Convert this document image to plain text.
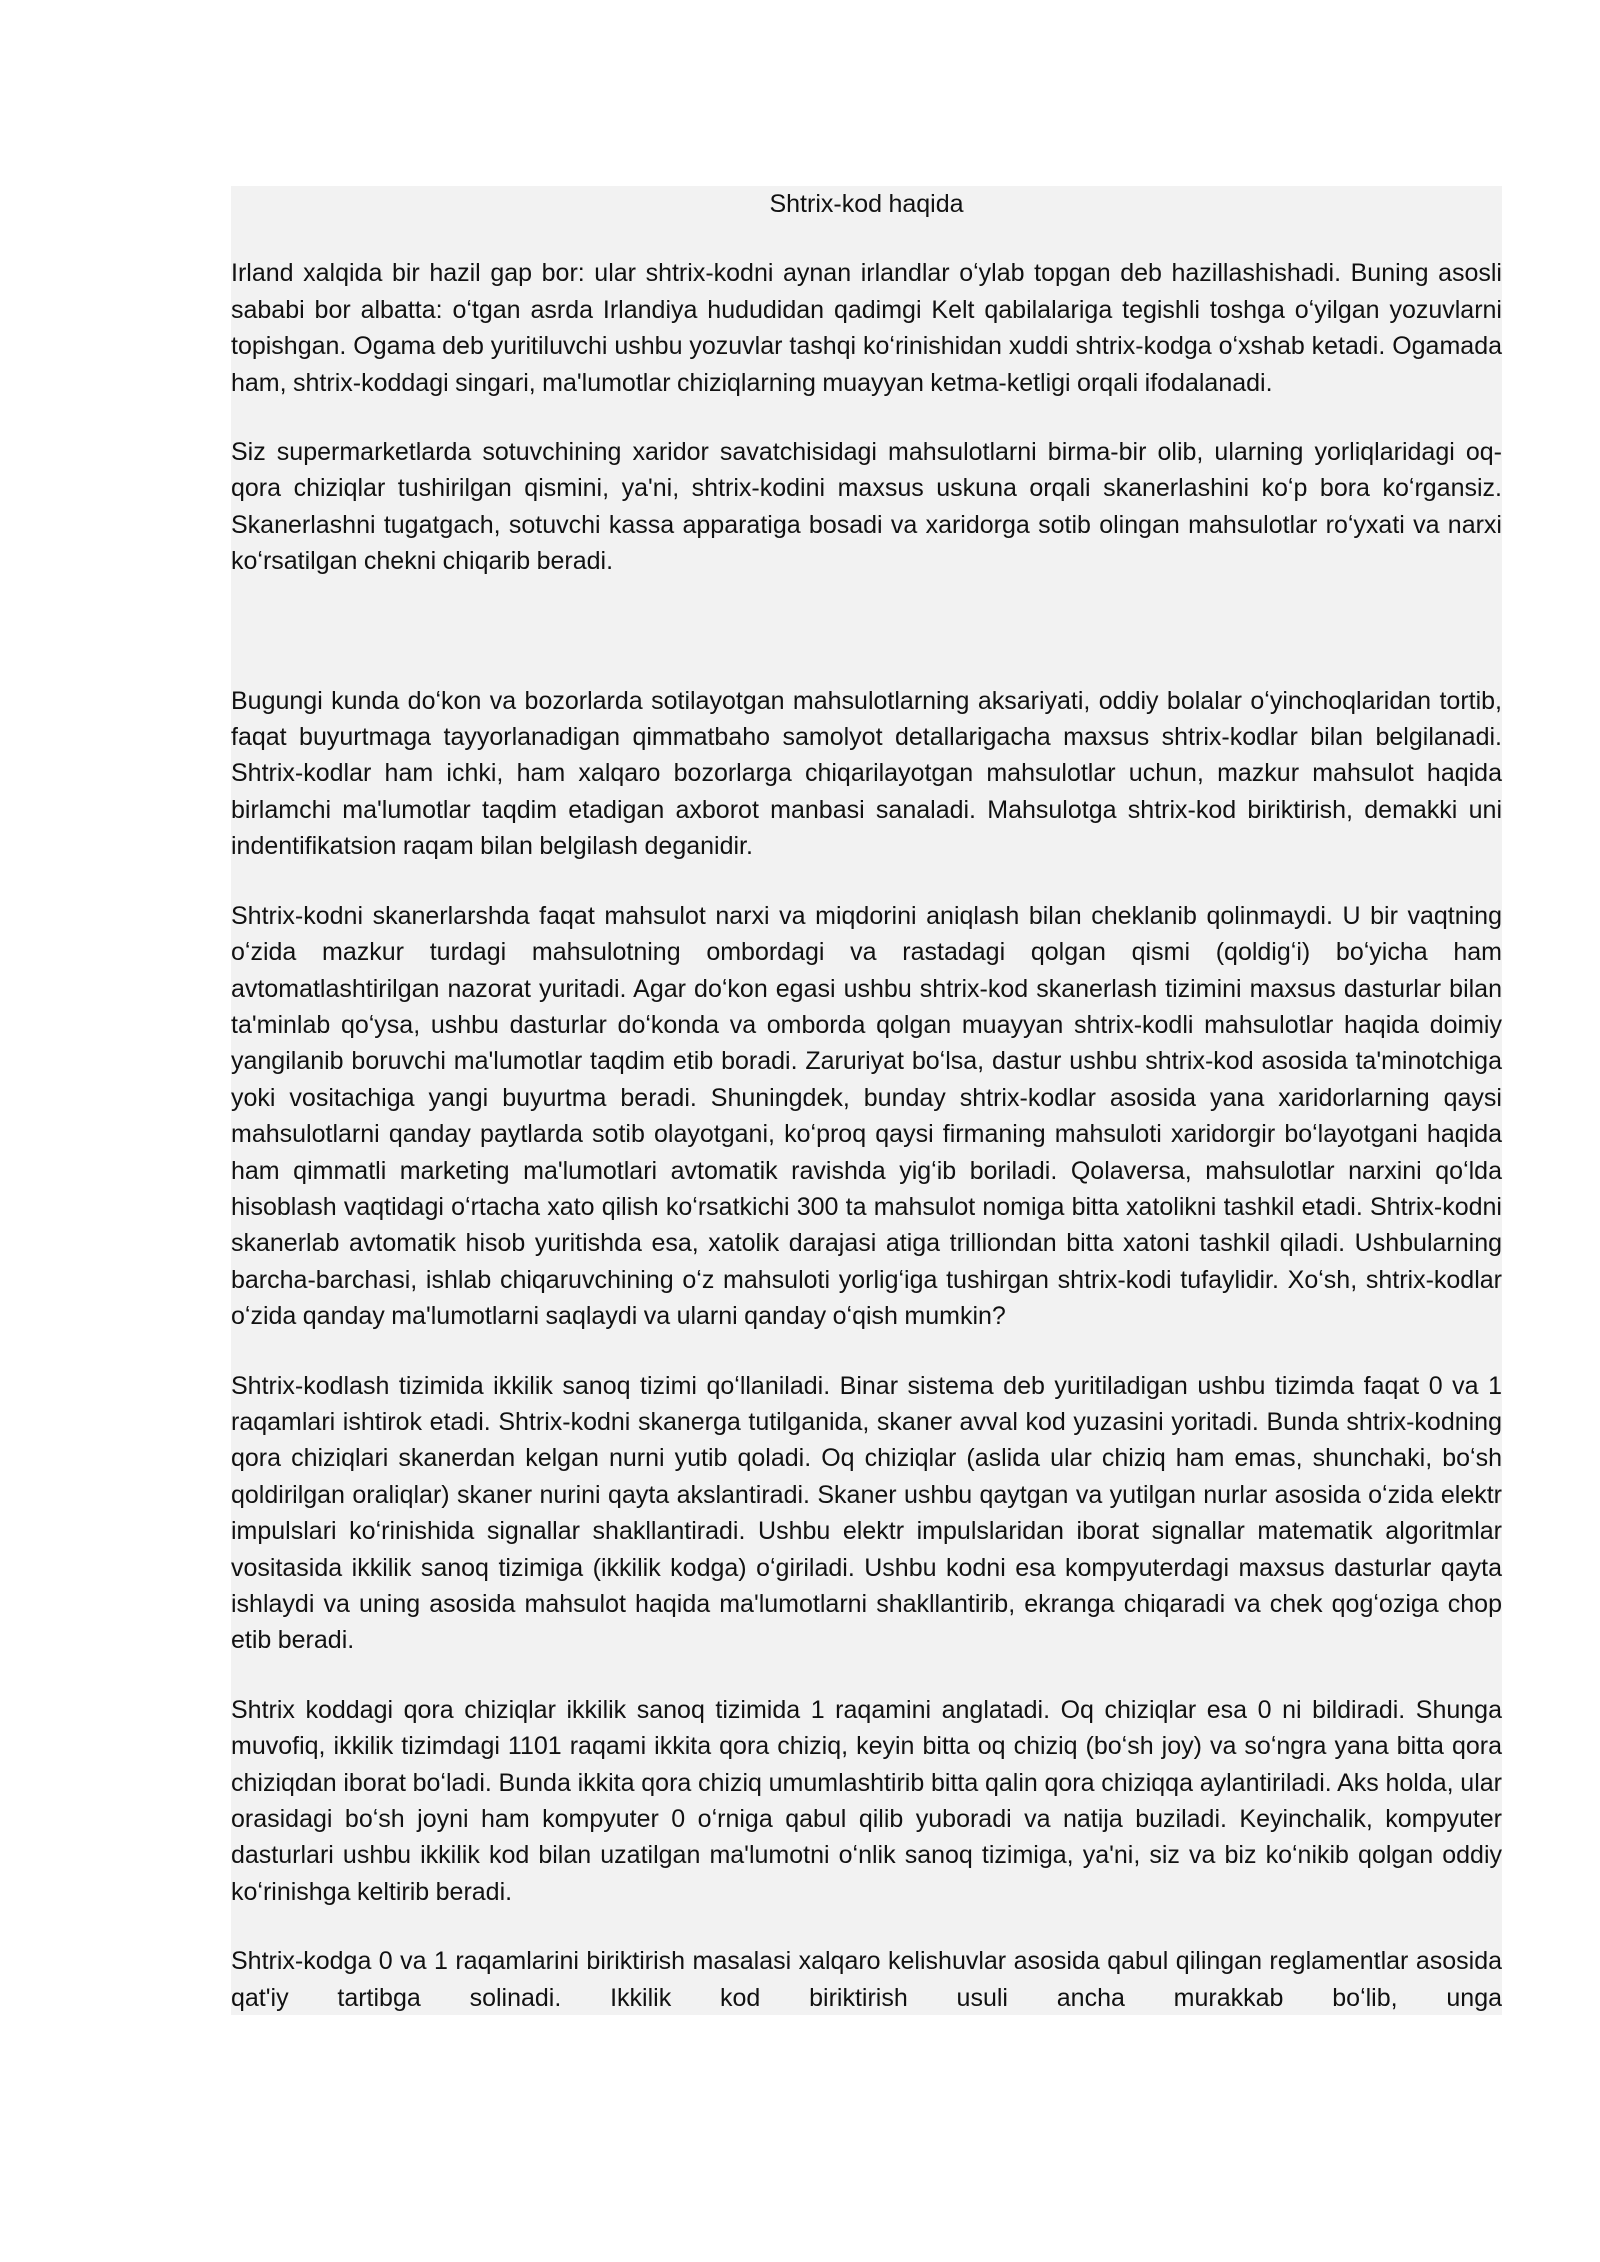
Shtrix-kod haqida

Irland xalqida bir hazil gap bor: ular shtrix-kodni aynan irlandlar oʻylab topgan deb hazillashishadi. Buning asosli sababi bor albatta: oʻtgan asrda Irlandiya hududidan qadimgi Kelt qabilalariga tegishli toshga oʻyilgan yozuvlarni topishgan. Ogama deb yuritiluvchi ushbu yozuvlar tashqi koʻrinishidan xuddi shtrix-kodga oʻxshab ketadi. Ogamada ham, shtrix-koddagi singari, ma'lumotlar chiziqlarning muayyan ketma-ketligi orqali ifodalanadi.

Siz supermarketlarda sotuvchining xaridor savatchisidagi mahsulotlarni birma-bir olib, ularning yorliqlaridagi oq-qora chiziqlar tushirilgan qismini, ya'ni, shtrix-kodini maxsus uskuna orqali skanerlashini koʻp bora koʻrgansiz. Skanerlashni tugatgach, sotuvchi kassa apparatiga bosadi va xaridorga sotib olingan mahsulotlar roʻyxati va narxi koʻrsatilgan chekni chiqarib beradi.

Bugungi kunda doʻkon va bozorlarda sotilayotgan mahsulotlarning aksariyati, oddiy bolalar oʻyinchoqlaridan tortib, faqat buyurtmaga tayyorlanadigan qimmatbaho samolyot detallarigacha maxsus shtrix-kodlar bilan belgilanadi. Shtrix-kodlar ham ichki, ham xalqaro bozorlarga chiqarilayotgan mahsulotlar uchun, mazkur mahsulot haqida birlamchi ma'lumotlar taqdim etadigan axborot manbasi sanaladi. Mahsulotga shtrix-kod biriktirish, demakki uni indentifikatsion raqam bilan belgilash deganidir.

Shtrix-kodni skanerlarshda faqat mahsulot narxi va miqdorini aniqlash bilan cheklanib qolinmaydi. U bir vaqtning oʻzida mazkur turdagi mahsulotning ombordagi va rastadagi qolgan qismi (qoldigʻi) boʻyicha ham avtomatlashtirilgan nazorat yuritadi. Agar doʻkon egasi ushbu shtrix-kod skanerlash tizimini maxsus dasturlar bilan ta'minlab qoʻysa, ushbu dasturlar doʻkonda va omborda qolgan muayyan shtrix-kodli mahsulotlar haqida doimiy yangilanib boruvchi ma'lumotlar taqdim etib boradi. Zaruriyat boʻlsa, dastur ushbu shtrix-kod asosida ta'minotchiga yoki vositachiga yangi buyurtma beradi. Shuningdek, bunday shtrix-kodlar asosida yana xaridorlarning qaysi mahsulotlarni qanday paytlarda sotib olayotgani, koʻproq qaysi firmaning mahsuloti xaridorgir boʻlayotgani haqida ham qimmatli marketing ma'lumotlari avtomatik ravishda yigʻib boriladi. Qolaversa, mahsulotlar narxini qoʻlda hisoblash vaqtidagi oʻrtacha xato qilish koʻrsatkichi 300 ta mahsulot nomiga bitta xatolikni tashkil etadi. Shtrix-kodni skanerlab avtomatik hisob yuritishda esa, xatolik darajasi atiga trilliondan bitta xatoni tashkil qiladi. Ushbularning barcha-barchasi, ishlab chiqaruvchining oʻz mahsuloti yorligʻiga tushirgan shtrix-kodi tufaylidir. Xoʻsh, shtrix-kodlar oʻzida qanday ma'lumotlarni saqlaydi va ularni qanday oʻqish mumkin?

Shtrix-kodlash tizimida ikkilik sanoq tizimi qoʻllaniladi. Binar sistema deb yuritiladigan ushbu tizimda faqat 0 va 1 raqamlari ishtirok etadi. Shtrix-kodni skanerga tutilganida, skaner avval kod yuzasini yoritadi. Bunda shtrix-kodning qora chiziqlari skanerdan kelgan nurni yutib qoladi. Oq chiziqlar (aslida ular chiziq ham emas, shunchaki, boʻsh qoldirilgan oraliqlar) skaner nurini qayta akslantiradi. Skaner ushbu qaytgan va yutilgan nurlar asosida oʻzida elektr impulslari koʻrinishida signallar shakllantiradi. Ushbu elektr impulslaridan iborat signallar matematik algoritmlar vositasida ikkilik sanoq tizimiga (ikkilik kodga) oʻgiriladi. Ushbu kodni esa kompyuterdagi maxsus dasturlar qayta ishlaydi va uning asosida mahsulot haqida ma'lumotlarni shakllantirib, ekranga chiqaradi va chek qogʻoziga chop etib beradi.

Shtrix koddagi qora chiziqlar ikkilik sanoq tizimida 1 raqamini anglatadi. Oq chiziqlar esa 0 ni bildiradi. Shunga muvofiq, ikkilik tizimdagi 1101 raqami ikkita qora chiziq, keyin bitta oq chiziq (boʻsh joy) va soʻngra yana bitta qora chiziqdan iborat boʻladi. Bunda ikkita qora chiziq umumlashtirib bitta qalin qora chiziqqa aylantiriladi. Aks holda, ular orasidagi boʻsh joyni ham kompyuter 0 oʻrniga qabul qilib yuboradi va natija buziladi. Keyinchalik, kompyuter dasturlari ushbu ikkilik kod bilan uzatilgan ma'lumotni oʻnlik sanoq tizimiga, ya'ni, siz va biz koʻnikib qolgan oddiy koʻrinishga keltirib beradi.

Shtrix-kodga 0 va 1 raqamlarini biriktirish masalasi xalqaro kelishuvlar asosida qabul qilingan reglamentlar asosida qat'iy tartibga solinadi. Ikkilik kod biriktirish usuli ancha murakkab boʻlib, unga
